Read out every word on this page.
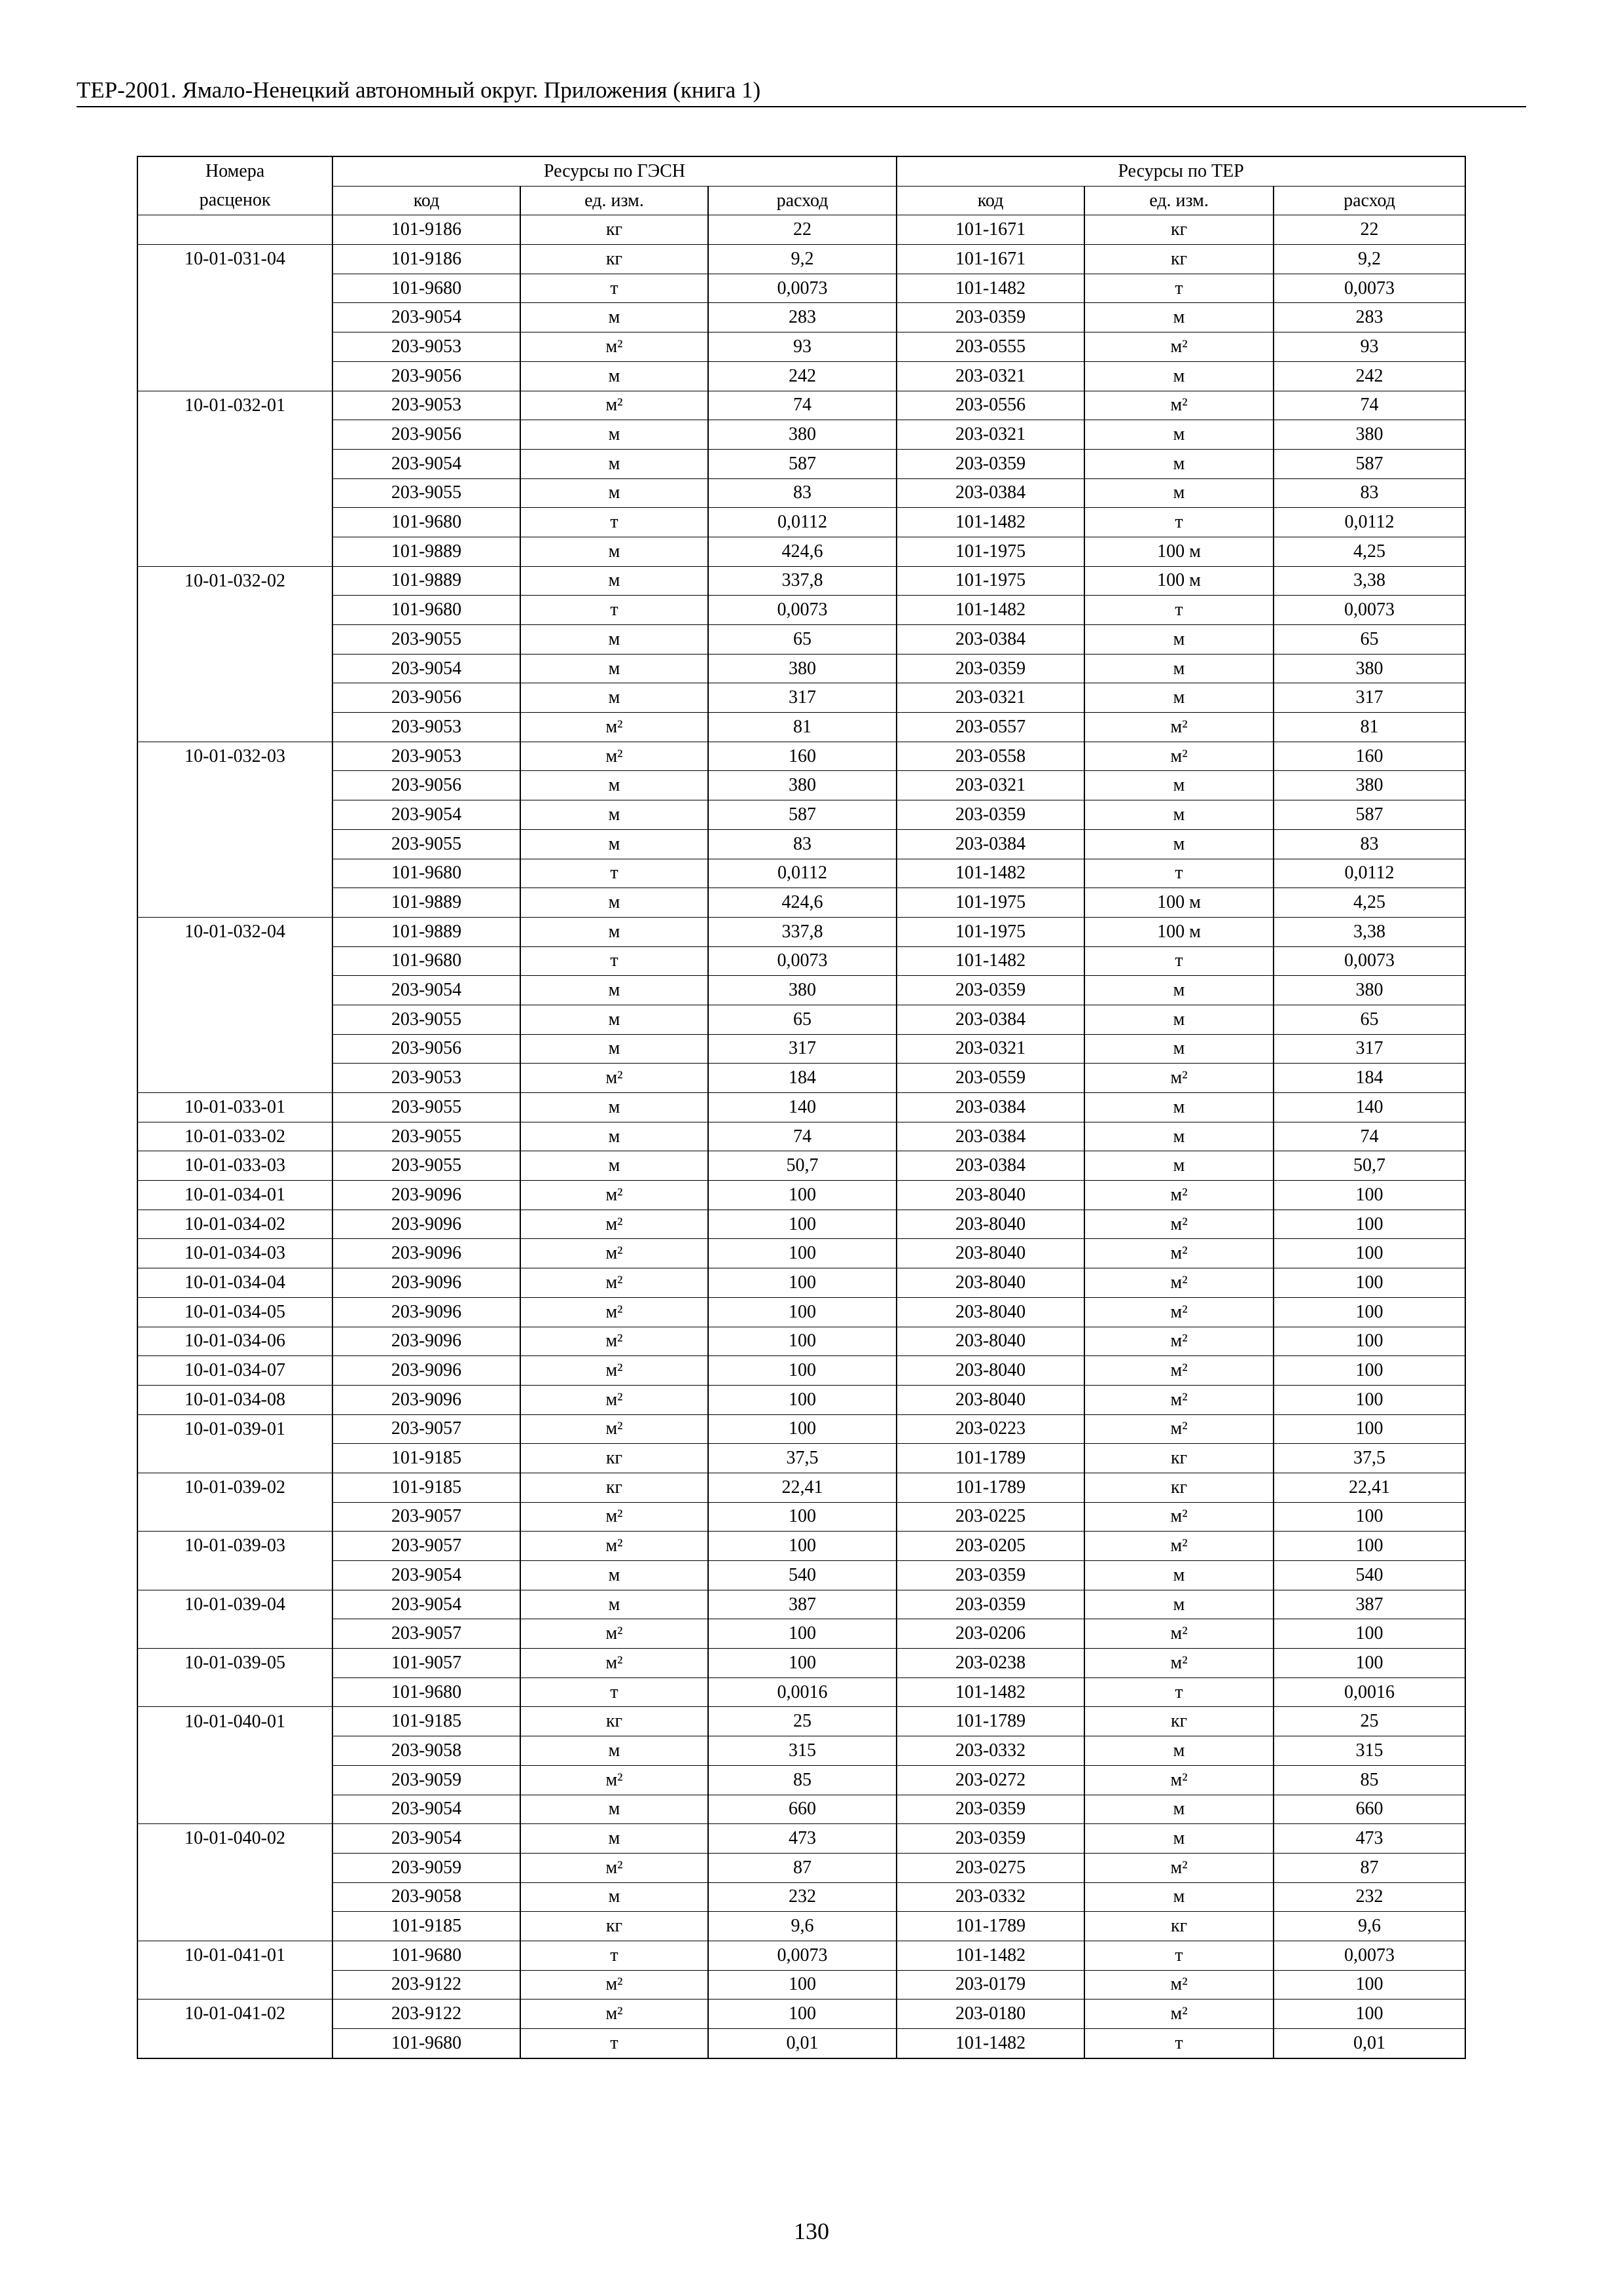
ТЕР-2001. Ямало-Ненецкий автономный округ. Приложения (книга 1)
Номера	Ресурсы по ГЭСН			Ресурсы по ТЕР		
расценок	код	ед. изм.	расход	код	ед. изм.	расход
	101-9186	кг	22	101-1671	кг	22
10-01-031-04	101-9186	кг	9,2	101-1671	кг	9,2
	101-9680	т	0,0073	101-1482	т	0,0073
	203-9054	м	283	203-0359	м	283
	203-9053	м²	93	203-0555	м²	93
	203-9056	м	242	203-0321	м	242
10-01-032-01	203-9053	м²	74	203-0556	м²	74
	203-9056	м	380	203-0321	м	380
	203-9054	м	587	203-0359	м	587
	203-9055	м	83	203-0384	м	83
	101-9680	т	0,0112	101-1482	т	0,0112
	101-9889	м	424,6	101-1975	100 м	4,25
10-01-032-02	101-9889	м	337,8	101-1975	100 м	3,38
	101-9680	т	0,0073	101-1482	т	0,0073
	203-9055	м	65	203-0384	м	65
	203-9054	м	380	203-0359	м	380
	203-9056	м	317	203-0321	м	317
	203-9053	м²	81	203-0557	м²	81
10-01-032-03	203-9053	м²	160	203-0558	м²	160
	203-9056	м	380	203-0321	м	380
	203-9054	м	587	203-0359	м	587
	203-9055	м	83	203-0384	м	83
	101-9680	т	0,0112	101-1482	т	0,0112
	101-9889	м	424,6	101-1975	100 м	4,25
10-01-032-04	101-9889	м	337,8	101-1975	100 м	3,38
	101-9680	т	0,0073	101-1482	т	0,0073
	203-9054	м	380	203-0359	м	380
	203-9055	м	65	203-0384	м	65
	203-9056	м	317	203-0321	м	317
	203-9053	м²	184	203-0559	м²	184
10-01-033-01	203-9055	м	140	203-0384	м	140
10-01-033-02	203-9055	м	74	203-0384	м	74
10-01-033-03	203-9055	м	50,7	203-0384	м	50,7
10-01-034-01	203-9096	м²	100	203-8040	м²	100
10-01-034-02	203-9096	м²	100	203-8040	м²	100
10-01-034-03	203-9096	м²	100	203-8040	м²	100
10-01-034-04	203-9096	м²	100	203-8040	м²	100
10-01-034-05	203-9096	м²	100	203-8040	м²	100
10-01-034-06	203-9096	м²	100	203-8040	м²	100
10-01-034-07	203-9096	м²	100	203-8040	м²	100
10-01-034-08	203-9096	м²	100	203-8040	м²	100
10-01-039-01	203-9057	м²	100	203-0223	м²	100
	101-9185	кг	37,5	101-1789	кг	37,5
10-01-039-02	101-9185	кг	22,41	101-1789	кг	22,41
	203-9057	м²	100	203-0225	м²	100
10-01-039-03	203-9057	м²	100	203-0205	м²	100
	203-9054	м	540	203-0359	м	540
10-01-039-04	203-9054	м	387	203-0359	м	387
	203-9057	м²	100	203-0206	м²	100
10-01-039-05	101-9057	м²	100	203-0238	м²	100
	101-9680	т	0,0016	101-1482	т	0,0016
10-01-040-01	101-9185	кг	25	101-1789	кг	25
	203-9058	м	315	203-0332	м	315
	203-9059	м²	85	203-0272	м²	85
	203-9054	м	660	203-0359	м	660
10-01-040-02	203-9054	м	473	203-0359	м	473
	203-9059	м²	87	203-0275	м²	87
	203-9058	м	232	203-0332	м	232
	101-9185	кг	9,6	101-1789	кг	9,6
10-01-041-01	101-9680	т	0,0073	101-1482	т	0,0073
	203-9122	м²	100	203-0179	м²	100
10-01-041-02	203-9122	м²	100	203-0180	м²	100
	101-9680	т	0,01	101-1482	т	0,01
130
